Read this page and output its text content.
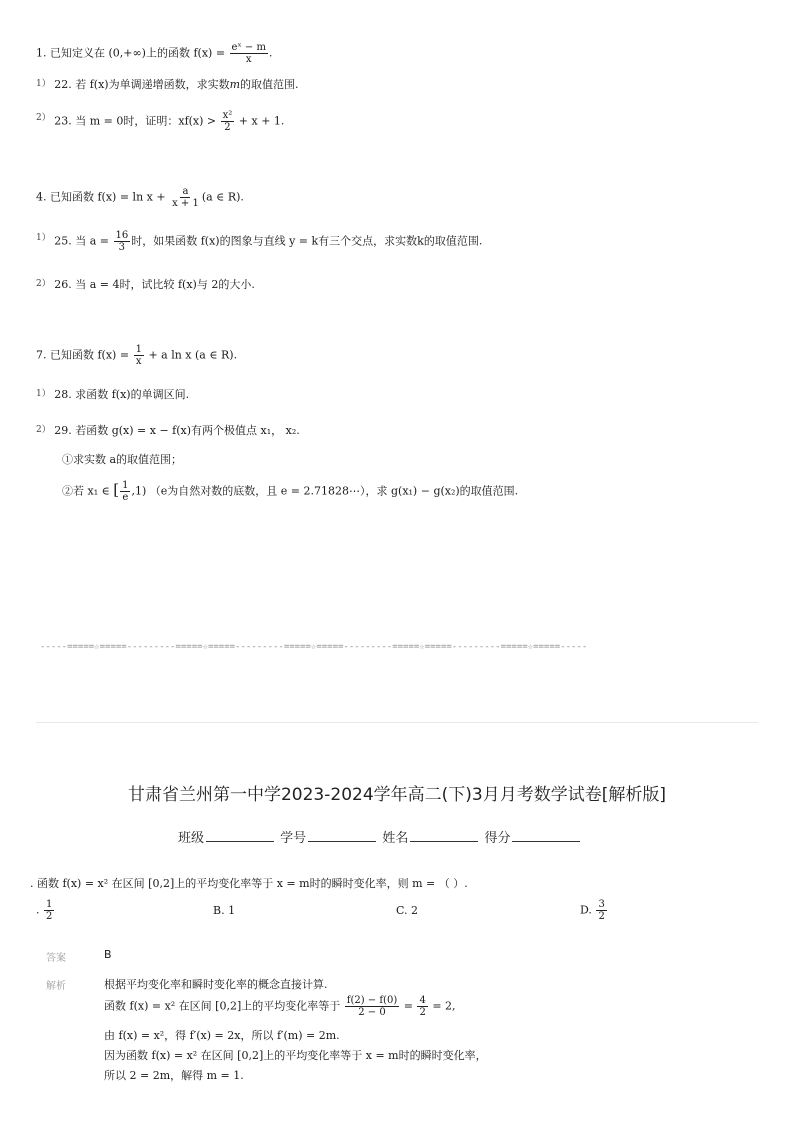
1. 已知定义在 (0,+∞)上的函数 $f(x) = \frac{\text{eˣ − m}}{x}$ .
$^{1)}$ 22. 若 f(x)为单调递增函数，求实数m的取值范围.
$^{2)}$ 23. 当 m = 0时，证明：$xf(x) > \frac{\text{x²}}{2} + x + 1$.
4. 已知函数 $f(x) = \ln x + \frac{a}{x + 1} (a$ ∈ R).
$^{1)}$ 25. 当 $a = \frac{16}{3}$ 时，如果函数 f(x)的图象与直线 y = k有三个交点，求实数k的取值范围.
$^{2)}$ 26. 当 a = 4时，试比较 f(x)与 2的大小.
7. 已知函数 $f(x) = \frac{1}{x} + a$ ln x (a ∈ R).
$^{1)}$ 28. 求函数 f(x)的单调区间.
$^{2)}$ 29. 若函数 g(x) = x − f(x)有两个极值点 x₁， x₂.
①求实数 a的取值范围；
②若 x₁ ∈ [ $\frac{1}{e} ,1$) （e为自然对数的底数，且 e = 2.71828⋯），求 g(x₁) − g(x₂)的取值范围.
-----=====☆=====---------=====☆=====---------=====☆=====---------=====☆=====---------=====☆=====-----
甘肃省兰州第一中学2023-2024学年高二(下)3月月考数学试卷[解析版]
班级	学号	姓名	得分
. 函数 f(x) = x² 在区间 [0,2]上的平均变化率等于 x = m时的瞬时变化率，则 m = （ ）.
. $\frac{1}{2}$	B. 1	C. 2	D. $\frac{3}{2}$
答案	B
解析	根据平均变化率和瞬时变化率的概念直接计算.
函数 f(x) = x² 在区间 [0,2]上的平均变化率等于 $\frac{f(2) - f(0)}{2 - 0} = \frac{4}{2} = 2$,
由 f(x) = x²，得 f′(x) = 2x，所以 f′(m) = 2m.
因为函数 f(x) = x² 在区间 [0,2]上的平均变化率等于 x = m时的瞬时变化率，
所以 2 = 2m，解得 m = 1.
